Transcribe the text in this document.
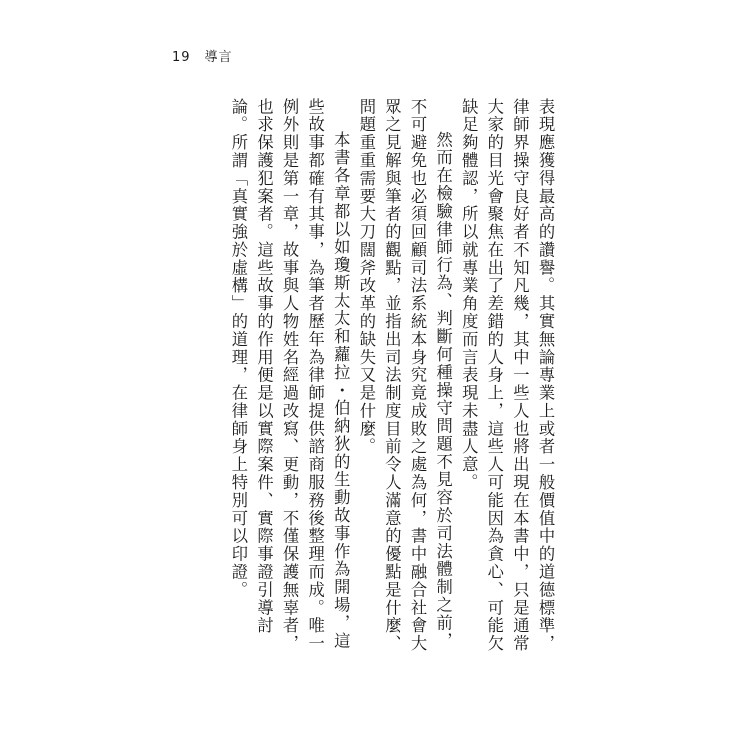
19 導言

表現應獲得最高的讚譽。其實無論專業上或者一般價值中的道德標準，律師界操守良好者不知凡幾，其中一些人也將出現在本書中，只是通常大家的目光會聚焦在出了差錯的人身上，這些人可能因為貪心、可能欠缺足夠體認，所以就專業角度而言表現未盡人意。

然而在檢驗律師行為、判斷何種操守問題不見容於司法體制之前，不可避免也必須回顧司法系統本身究竟成敗之處為何，書中融合社會大眾之見解與筆者的觀點，並指出司法制度目前令人滿意的優點是什麼、問題重重需要大刀闊斧改革的缺失又是什麼。

本書各章都以如瓊斯太太和蘿拉・伯納狄的生動故事作為開場，這些故事都確有其事，為筆者歷年為律師提供諮商服務後整理而成。唯一例外則是第一章，故事與人物姓名經過改寫、更動，不僅保護無辜者，也求保護犯案者。這些故事的作用便是以實際案件、實際事證引導討論。所謂「真實強於虛構」的道理，在律師身上特別可以印證。
